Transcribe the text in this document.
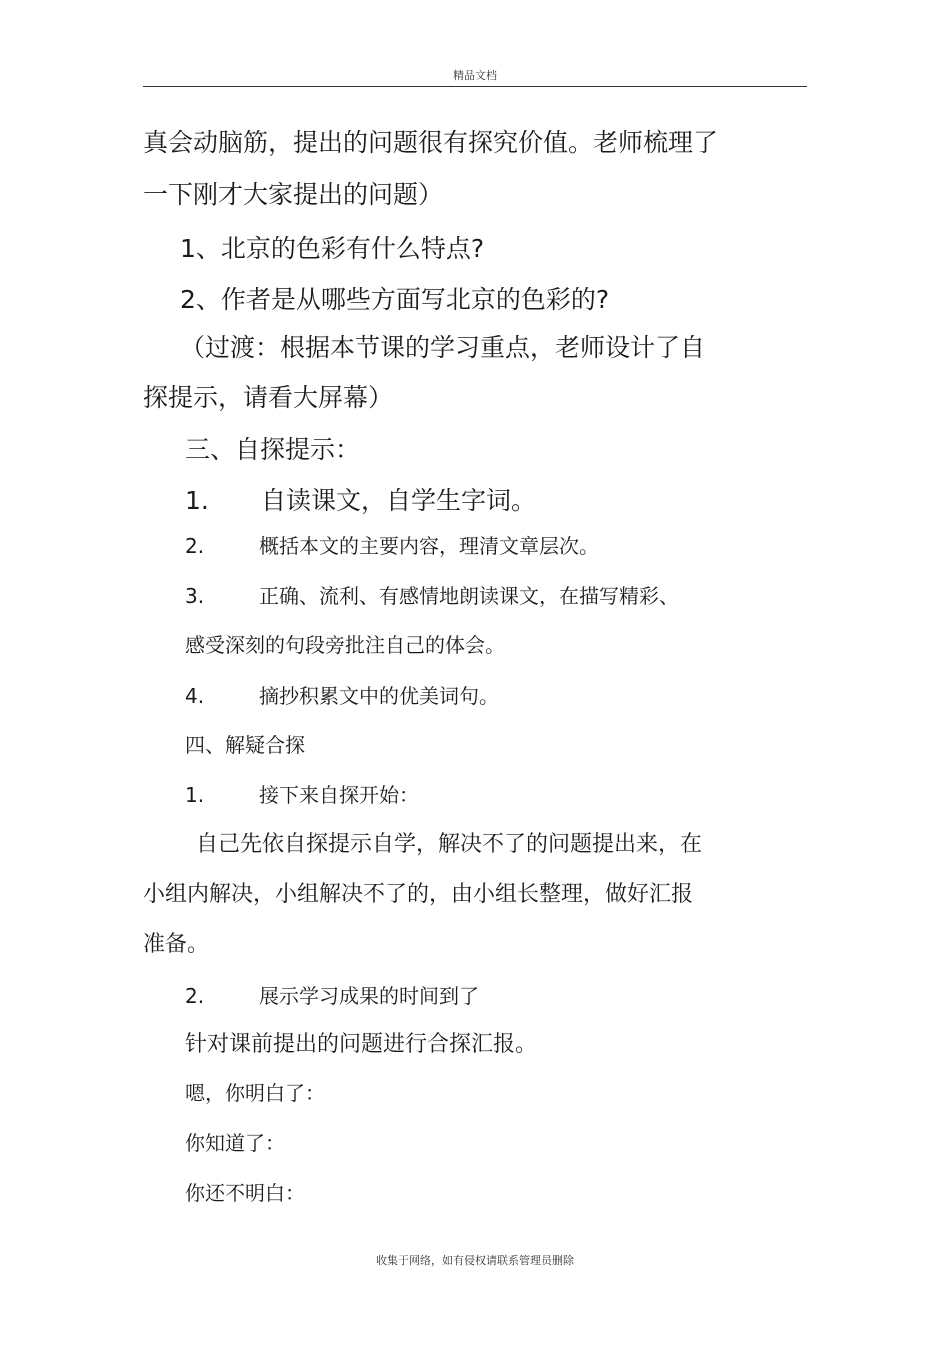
精品文档
真会动脑筋，提出的问题很有探究价值。老师梳理了
一下刚才大家提出的问题）
1、北京的色彩有什么特点?
2、作者是从哪些方面写北京的色彩的?
（过渡：根据本节课的学习重点，老师设计了自
探提示，请看大屏幕）
三、自探提示：
1. 自读课文，自学生字词。
2.	概括本文的主要内容，理清文章层次。
3.	正确、流利、有感情地朗读课文，在描写精彩、
感受深刻的句段旁批注自己的体会。
4.	摘抄积累文中的优美词句。
四、解疑合探
1.	接下来自探开始：
自己先依自探提示自学，解决不了的问题提出来，在
小组内解决，小组解决不了的，由小组长整理，做好汇报
准备。
2.	展示学习成果的时间到了
针对课前提出的问题进行合探汇报。
嗯，你明白了：
你知道了：
你还不明白：
收集于网络，如有侵权请联系管理员删除
